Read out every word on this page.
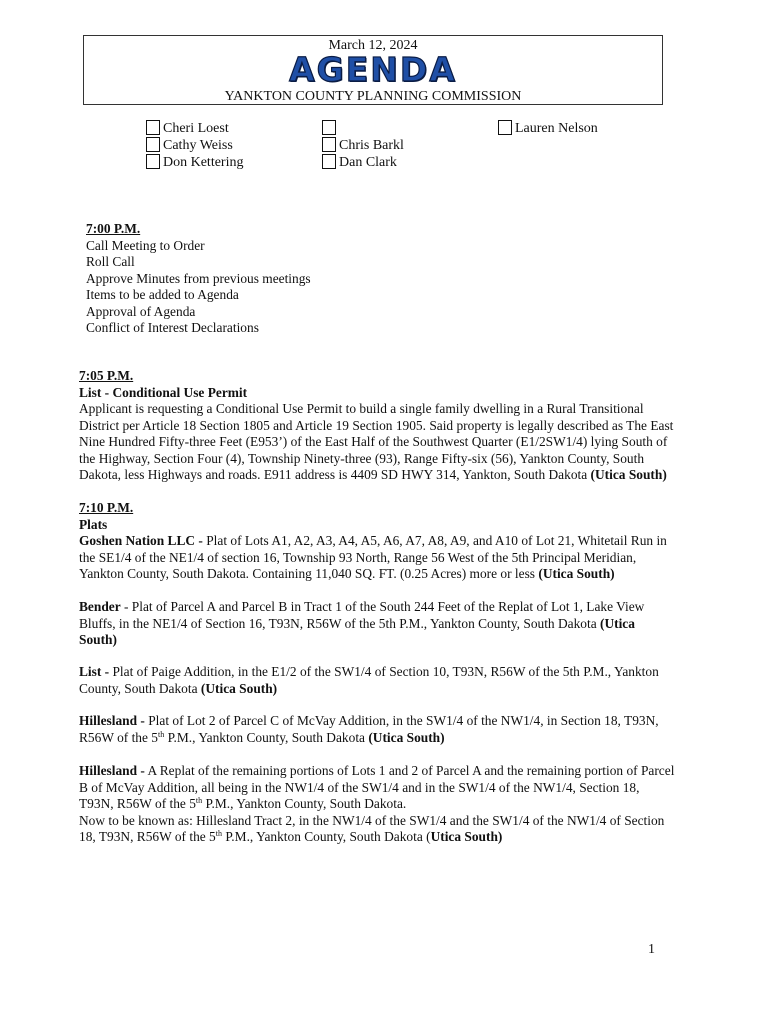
March 12, 2024
AGENDA
YANKTON COUNTY PLANNING COMMISSION
Cheri Loest
Cathy Weiss
Don Kettering
Chris Barkl
Dan Clark
Lauren Nelson
7:00 P.M.
Call Meeting to Order
Roll Call
Approve Minutes from previous meetings
Items to be added to Agenda
Approval of Agenda
Conflict of Interest Declarations
7:05 P.M.
List - Conditional Use Permit
Applicant is requesting a Conditional Use Permit to build a single family dwelling in a Rural Transitional
District per Article 18 Section 1805 and Article 19 Section 1905. Said property is legally described as The East
Nine Hundred Fifty-three Feet (E953’) of the East Half of the Southwest Quarter (E1/2SW1/4) lying South of
the Highway, Section Four (4), Township Ninety-three (93), Range Fifty-six (56), Yankton County, South
Dakota, less Highways and roads. E911 address is 4409 SD HWY 314, Yankton, South Dakota (Utica South)
7:10 P.M.
Plats
Goshen Nation LLC - Plat of Lots A1, A2, A3, A4, A5, A6, A7, A8, A9, and A10 of Lot 21, Whitetail Run in
the SE1/4 of the NE1/4 of section 16, Township 93 North, Range 56 West of the 5th Principal Meridian,
Yankton County, South Dakota. Containing 11,040 SQ. FT. (0.25 Acres) more or less (Utica South)
Bender - Plat of Parcel A and Parcel B in Tract 1 of the South 244 Feet of the Replat of Lot 1, Lake View
Bluffs, in the NE1/4 of Section 16, T93N, R56W of the 5th P.M., Yankton County, South Dakota (Utica
South)
List - Plat of Paige Addition, in the E1/2 of the SW1/4 of Section 10, T93N, R56W of the 5th P.M., Yankton
County, South Dakota (Utica South)
Hillesland - Plat of Lot 2 of Parcel C of McVay Addition, in the SW1/4 of the NW1/4, in Section 18, T93N,
R56W of the 5th P.M., Yankton County, South Dakota (Utica South)
Hillesland - A Replat of the remaining portions of Lots 1 and 2 of Parcel A and the remaining portion of Parcel
B of McVay Addition, all being in the NW1/4 of the SW1/4 and in the SW1/4 of the NW1/4, Section 18,
T93N, R56W of the 5th P.M., Yankton County, South Dakota.
Now to be known as: Hillesland Tract 2, in the NW1/4 of the SW1/4 and the SW1/4 of the NW1/4 of Section
18, T93N, R56W of the 5th P.M., Yankton County, South Dakota (Utica South)
1
